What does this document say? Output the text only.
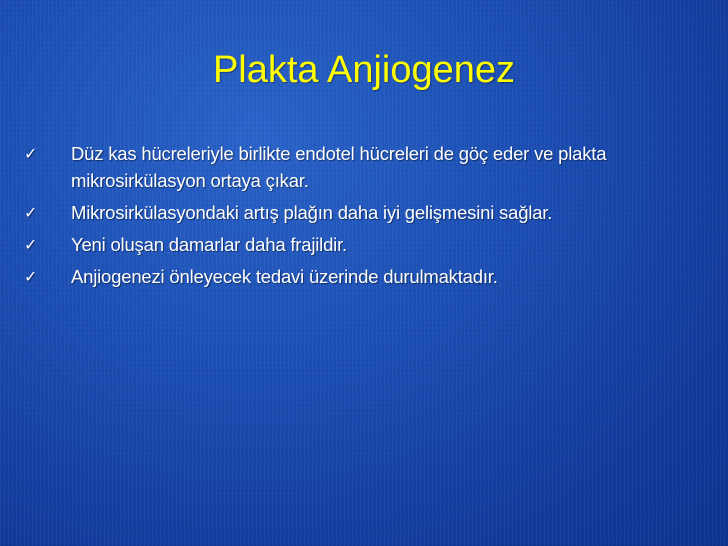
Plakta Anjiogenez
✓ Düz kas hücreleriyle birlikte endotel hücreleri de göç eder ve plakta mikrosirkülasyon ortaya çıkar.
✓ Mikrosirkülasyondaki artış plağın daha iyi gelişmesini sağlar.
✓ Yeni oluşan damarlar daha frajildir.
✓ Anjiogenezi önleyecek tedavi üzerinde durulmaktadır.
